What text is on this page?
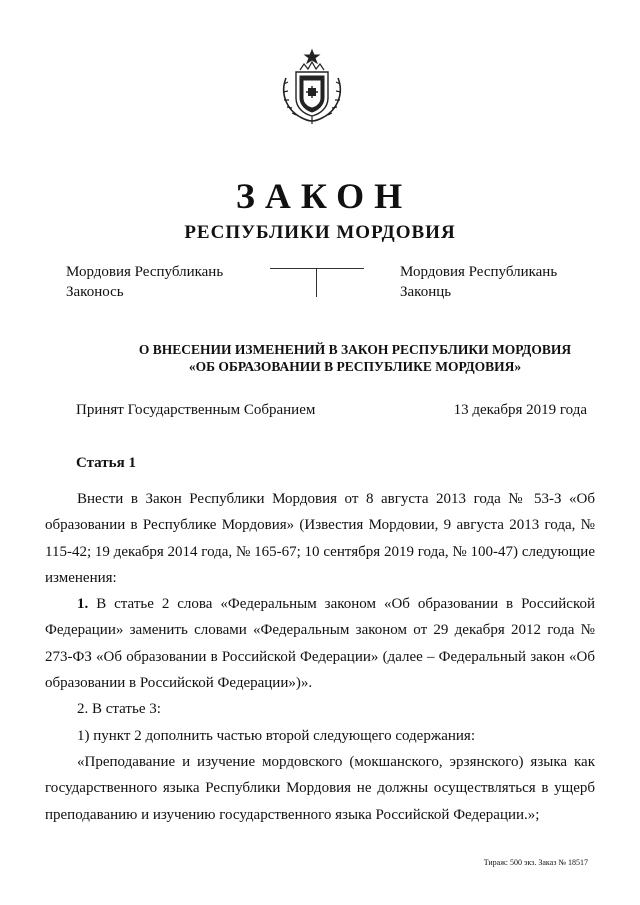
ЗАКОН
РЕСПУБЛИКИ МОРДОВИЯ
Мордовия Республикань
Законось
Мордовия Республикань
Законць
О ВНЕСЕНИИ ИЗМЕНЕНИЙ В ЗАКОН РЕСПУБЛИКИ МОРДОВИЯ
«ОБ ОБРАЗОВАНИИ В РЕСПУБЛИКЕ МОРДОВИЯ»
Принят Государственным Собранием	13 декабря 2019 года
Статья 1

Внести в Закон Республики Мордовия от 8 августа 2013 года № 53-З «Об образовании в Республике Мордовия» (Известия Мордовии, 9 августа 2013 года, № 115-42; 19 декабря 2014 года, № 165-67; 10 сентября 2019 года, № 100-47) следующие изменения:

1. В статье 2 слова «Федеральным законом «Об образовании в Российской Федерации» заменить словами «Федеральным законом от 29 декабря 2012 года № 273-ФЗ «Об образовании в Российской Федерации» (далее – Федеральный закон «Об образовании в Российской Федерации»)».

2. В статье 3:

1) пункт 2 дополнить частью второй следующего содержания:

«Преподавание и изучение мордовского (мокшанского, эрзянского) языка как государственного языка Республики Мордовия не должны осуществляться в ущерб преподаванию и изучению государственного языка Российской Федерации.»;

Тираж: 500 экз. Заказ № 18517
